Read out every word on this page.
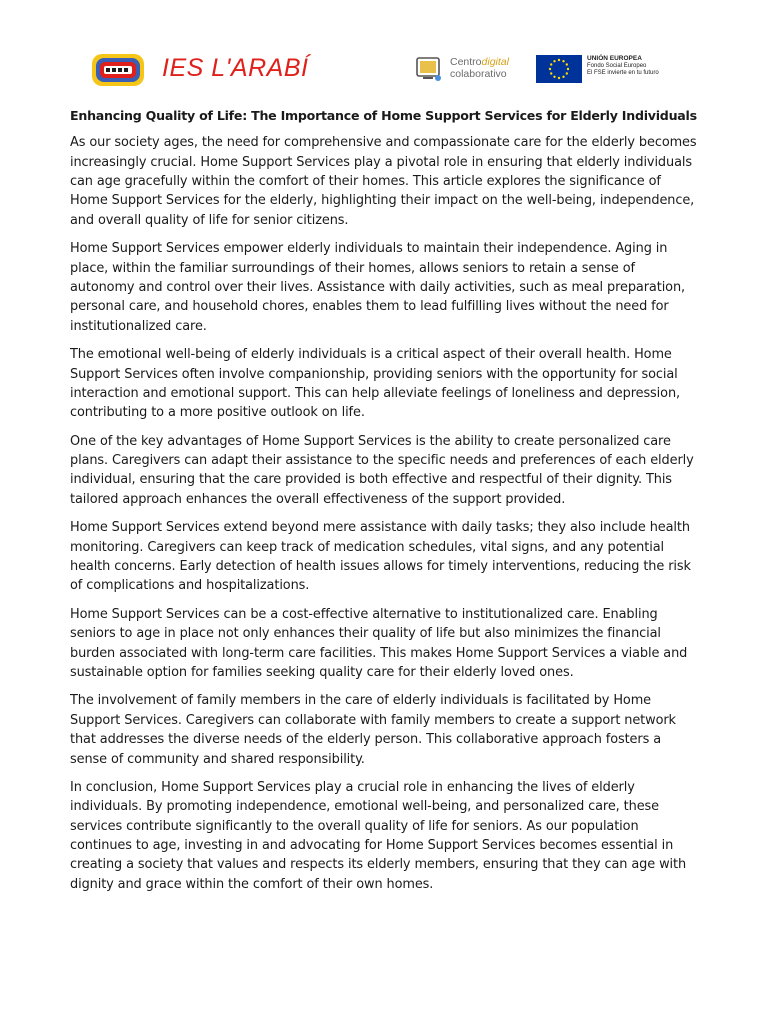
IES L'ARABÍ	Centrodigital
colaborativo
UNIÓN EUROPEA
Fondo Social Europeo
El FSE invierte en tu futuro
Enhancing Quality of Life: The Importance of Home Support Services for Elderly Individuals

As our society ages, the need for comprehensive and compassionate care for the elderly becomes increasingly crucial. Home Support Services play a pivotal role in ensuring that elderly individuals can age gracefully within the comfort of their homes. This article explores the significance of Home Support Services for the elderly, highlighting their impact on the well-being, independence, and overall quality of life for senior citizens.

Home Support Services empower elderly individuals to maintain their independence. Aging in place, within the familiar surroundings of their homes, allows seniors to retain a sense of autonomy and control over their lives. Assistance with daily activities, such as meal preparation, personal care, and household chores, enables them to lead fulfilling lives without the need for institutionalized care.

The emotional well-being of elderly individuals is a critical aspect of their overall health. Home Support Services often involve companionship, providing seniors with the opportunity for social interaction and emotional support. This can help alleviate feelings of loneliness and depression, contributing to a more positive outlook on life.

One of the key advantages of Home Support Services is the ability to create personalized care plans. Caregivers can adapt their assistance to the specific needs and preferences of each elderly individual, ensuring that the care provided is both effective and respectful of their dignity. This tailored approach enhances the overall effectiveness of the support provided.

Home Support Services extend beyond mere assistance with daily tasks; they also include health monitoring. Caregivers can keep track of medication schedules, vital signs, and any potential health concerns. Early detection of health issues allows for timely interventions, reducing the risk of complications and hospitalizations.

Home Support Services can be a cost-effective alternative to institutionalized care. Enabling seniors to age in place not only enhances their quality of life but also minimizes the financial burden associated with long-term care facilities. This makes Home Support Services a viable and sustainable option for families seeking quality care for their elderly loved ones.

The involvement of family members in the care of elderly individuals is facilitated by Home Support Services. Caregivers can collaborate with family members to create a support network that addresses the diverse needs of the elderly person. This collaborative approach fosters a sense of community and shared responsibility.

In conclusion, Home Support Services play a crucial role in enhancing the lives of elderly individuals. By promoting independence, emotional well-being, and personalized care, these services contribute significantly to the overall quality of life for seniors. As our population continues to age, investing in and advocating for Home Support Services becomes essential in creating a society that values and respects its elderly members, ensuring that they can age with dignity and grace within the comfort of their own homes.
